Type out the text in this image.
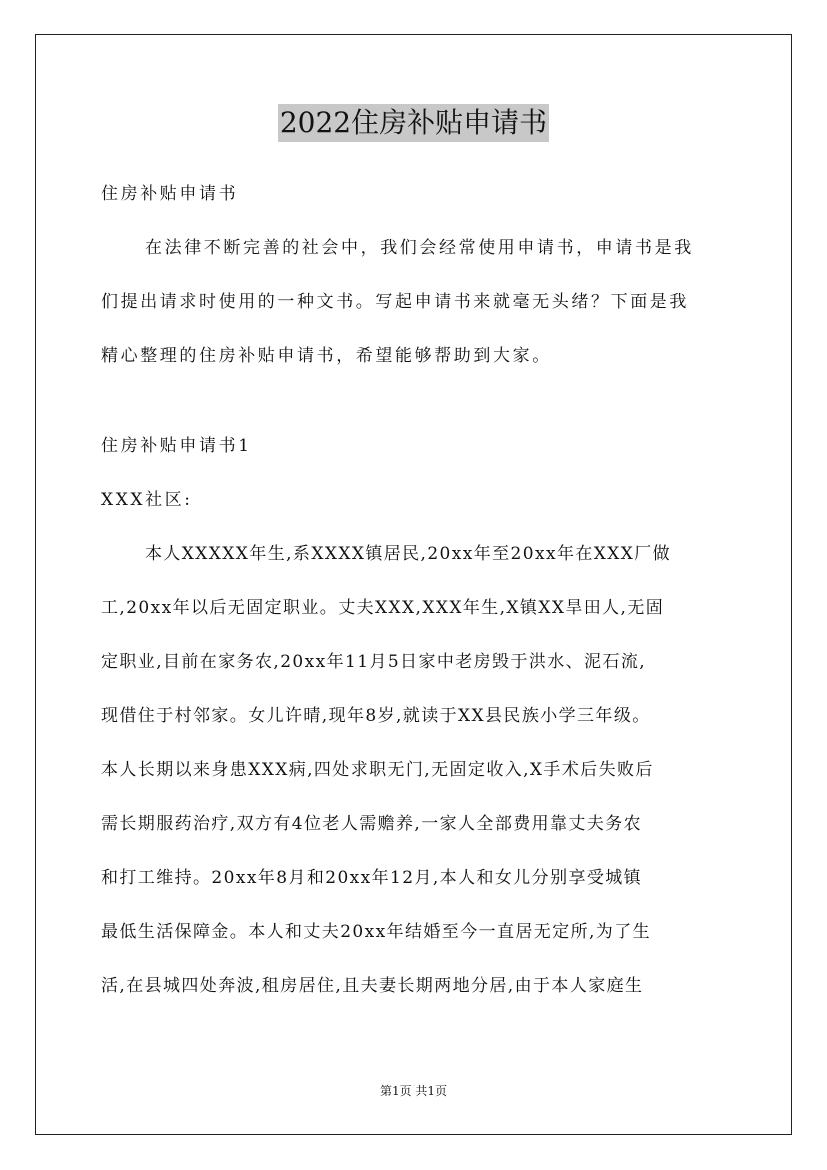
2022住房补贴申请书
住房补贴申请书
在法律不断完善的社会中，我们会经常使用申请书，申请书是我
们提出请求时使用的一种文书。写起申请书来就毫无头绪？下面是我
精心整理的住房补贴申请书，希望能够帮助到大家。
住房补贴申请书1
XXX社区:
本人XXXXX年生,系XXXX镇居民,20xx年至20xx年在XXX厂做
工,20xx年以后无固定职业。丈夫XXX,XXX年生,X镇XX旱田人,无固
定职业,目前在家务农,20xx年11月5日家中老房毁于洪水、泥石流,
现借住于村邻家。女儿许晴,现年8岁,就读于XX县民族小学三年级。
本人长期以来身患XXX病,四处求职无门,无固定收入,X手术后失败后
需长期服药治疗,双方有4位老人需赡养,一家人全部费用靠丈夫务农
和打工维持。20xx年8月和20xx年12月,本人和女儿分别享受城镇
最低生活保障金。本人和丈夫20xx年结婚至今一直居无定所,为了生
活,在县城四处奔波,租房居住,且夫妻长期两地分居,由于本人家庭生
第1页 共1页
